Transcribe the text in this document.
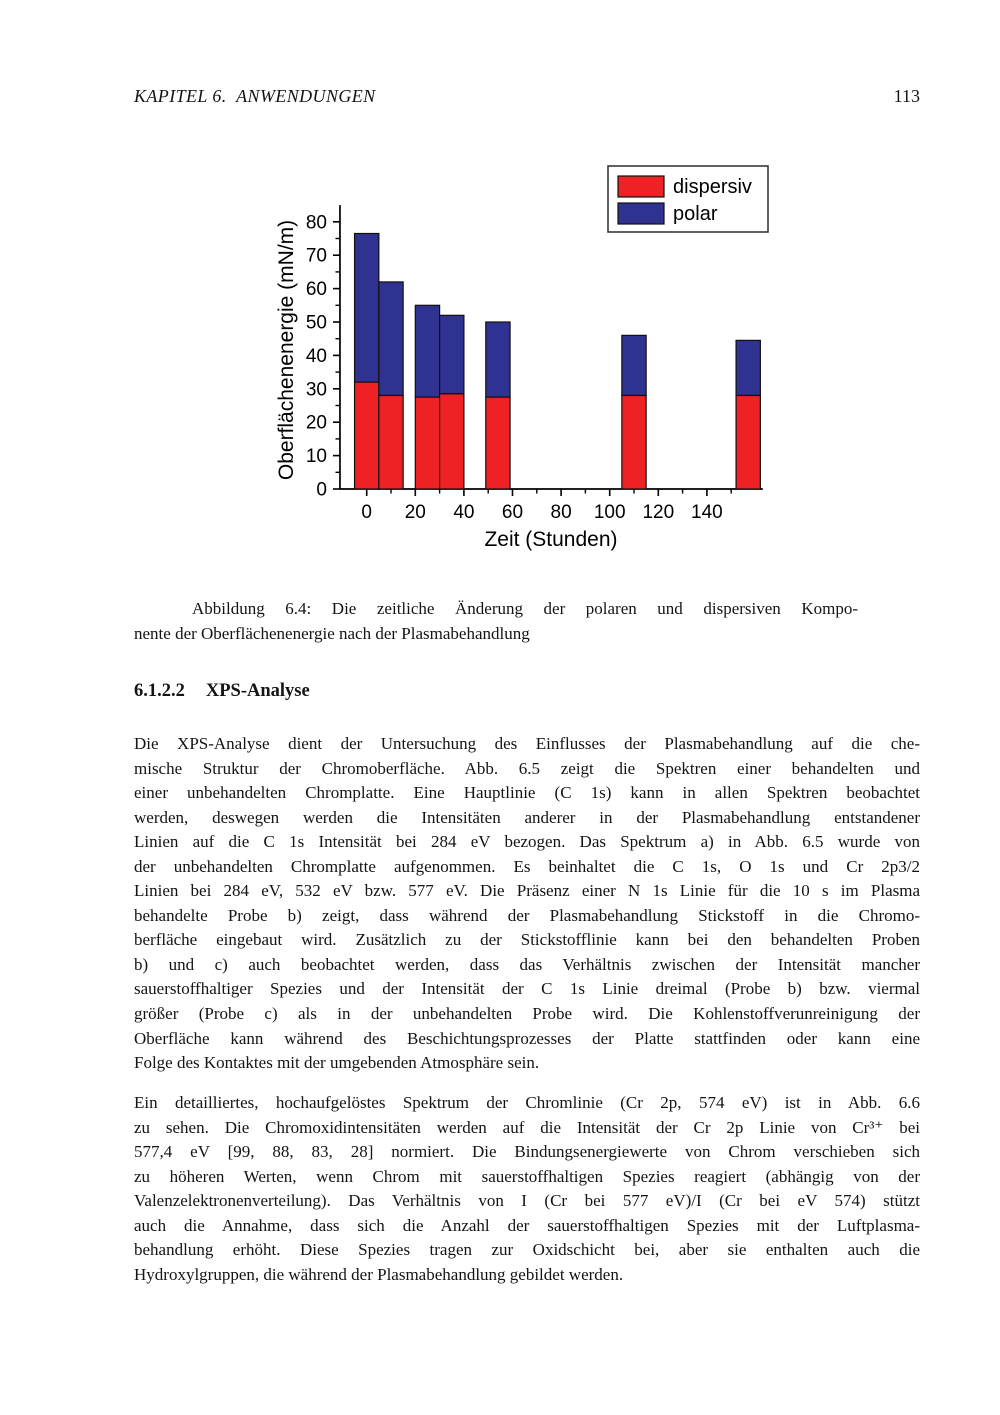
KAPITEL 6.  ANWENDUNGEN	113
0 20 40 60 80 100 120 140
0
10
20
30
40
50
60
70
80
Zeit (Stunden)
Oberflächenenergie (mN/m)
dispersiv
polar
Abbildung 6.4: Die zeitliche Änderung der polaren und dispersiven Kompo-
nente der Oberflächenenergie nach der Plasmabehandlung
6.1.2.2 XPS-Analyse
Die XPS-Analyse dient der Untersuchung des Einflusses der Plasmabehandlung auf die che-
mische Struktur der Chromoberfläche. Abb. 6.5 zeigt die Spektren einer behandelten und
einer unbehandelten Chromplatte. Eine Hauptlinie (C 1s) kann in allen Spektren beobachtet
werden, deswegen werden die Intensitäten anderer in der Plasmabehandlung entstandener
Linien auf die C 1s Intensität bei 284 eV bezogen. Das Spektrum a) in Abb. 6.5 wurde von
der unbehandelten Chromplatte aufgenommen. Es beinhaltet die C 1s, O 1s und Cr 2p3/2
Linien bei 284 eV, 532 eV bzw. 577 eV. Die Präsenz einer N 1s Linie für die 10 s im Plasma
behandelte Probe b) zeigt, dass während der Plasmabehandlung Stickstoff in die Chromo-
berfläche eingebaut wird. Zusätzlich zu der Stickstofflinie kann bei den behandelten Proben
b) und c) auch beobachtet werden, dass das Verhältnis zwischen der Intensität mancher
sauerstoffhaltiger Spezies und der Intensität der C 1s Linie dreimal (Probe b) bzw. viermal
größer (Probe c) als in der unbehandelten Probe wird. Die Kohlenstoffverunreinigung der
Oberfläche kann während des Beschichtungsprozesses der Platte stattfinden oder kann eine
Folge des Kontaktes mit der umgebenden Atmosphäre sein.
Ein detailliertes, hochaufgelöstes Spektrum der Chromlinie (Cr 2p, 574 eV) ist in Abb. 6.6
zu sehen. Die Chromoxidintensitäten werden auf die Intensität der Cr 2p Linie von Cr³⁺ bei
577,4 eV [99, 88, 83, 28] normiert. Die Bindungsenergiewerte von Chrom verschieben sich
zu höheren Werten, wenn Chrom mit sauerstoffhaltigen Spezies reagiert (abhängig von der
Valenzelektronenverteilung). Das Verhältnis von I (Cr bei 577 eV)/I (Cr bei eV 574) stützt
auch die Annahme, dass sich die Anzahl der sauerstoffhaltigen Spezies mit der Luftplasma-
behandlung erhöht. Diese Spezies tragen zur Oxidschicht bei, aber sie enthalten auch die
Hydroxylgruppen, die während der Plasmabehandlung gebildet werden.
